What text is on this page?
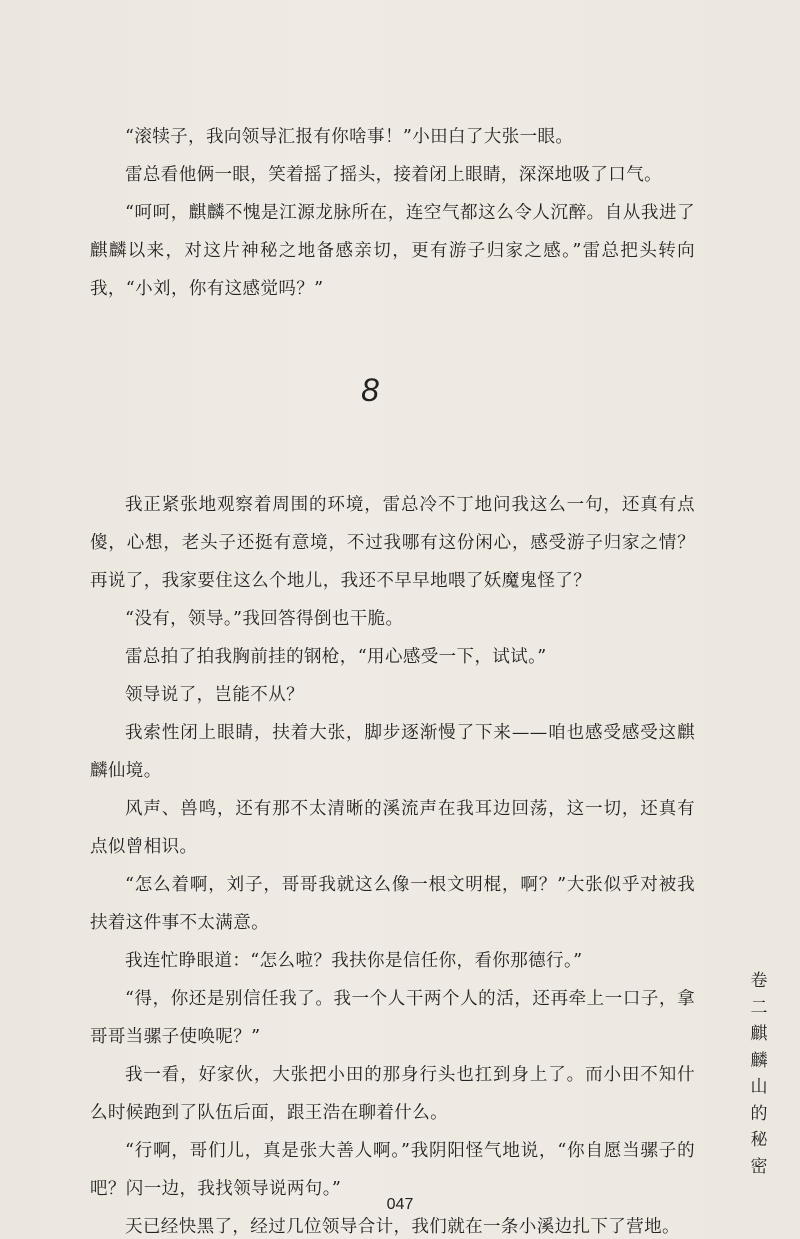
“滚犊子，我向领导汇报有你啥事！”小田白了大张一眼。

雷总看他俩一眼，笑着摇了摇头，接着闭上眼睛，深深地吸了口气。

“呵呵，麒麟不愧是江源龙脉所在，连空气都这么令人沉醉。自从我进了麒麟以来，对这片神秘之地备感亲切，更有游子归家之感。”雷总把头转向我，“小刘，你有这感觉吗？”

8

我正紧张地观察着周围的环境，雷总冷不丁地问我这么一句，还真有点傻，心想，老头子还挺有意境，不过我哪有这份闲心，感受游子归家之情？再说了，我家要住这么个地儿，我还不早早地喂了妖魔鬼怪了？

“没有，领导。”我回答得倒也干脆。

雷总拍了拍我胸前挂的钢枪，“用心感受一下，试试。”

领导说了，岂能不从？

我索性闭上眼睛，扶着大张，脚步逐渐慢了下来——咱也感受感受这麒麟仙境。

风声、兽鸣，还有那不太清晰的溪流声在我耳边回荡，这一切，还真有点似曾相识。

“怎么着啊，刘子，哥哥我就这么像一根文明棍，啊？”大张似乎对被我扶着这件事不太满意。

我连忙睁眼道：“怎么啦？我扶你是信任你，看你那德行。”

“得，你还是别信任我了。我一个人干两个人的活，还再牵上一口子，拿哥哥当骡子使唤呢？”

我一看，好家伙，大张把小田的那身行头也扛到身上了。而小田不知什么时候跑到了队伍后面，跟王浩在聊着什么。

“行啊，哥们儿，真是张大善人啊。”我阴阳怪气地说，“你自愿当骡子的吧？闪一边，我找领导说两句。”

天已经快黑了，经过几位领导合计，我们就在一条小溪边扎下了营地。

卷二麒麟山的秘密
047
